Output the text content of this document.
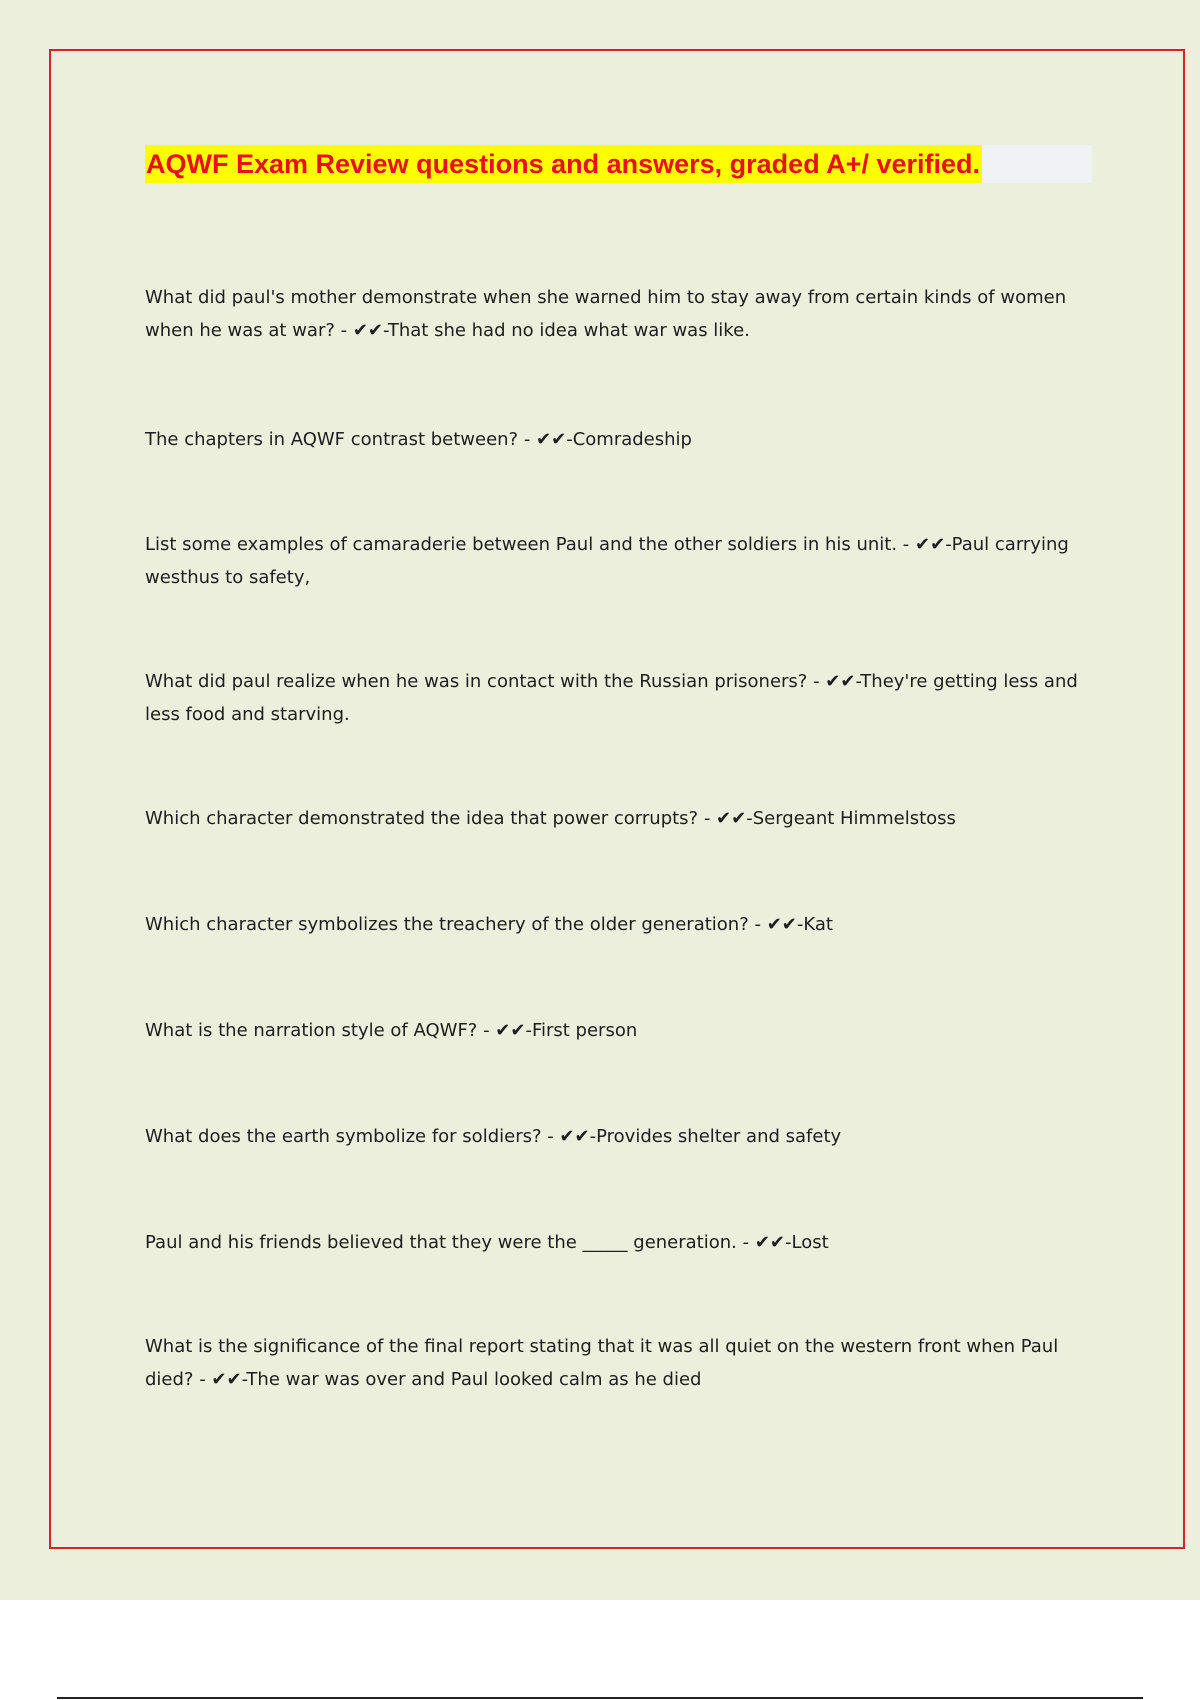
AQWF Exam Review questions and answers, graded A+/ verified.
What did paul's mother demonstrate when she warned him to stay away from certain kinds of women when he was at war? - ✔✔-That she had no idea what war was like.
The chapters in AQWF contrast between? - ✔✔-Comradeship
List some examples of camaraderie between Paul and the other soldiers in his unit. - ✔✔-Paul carrying westhus to safety,
What did paul realize when he was in contact with the Russian prisoners? - ✔✔-They're getting less and less food and starving.
Which character demonstrated the idea that power corrupts? - ✔✔-Sergeant Himmelstoss
Which character symbolizes the treachery of the older generation? - ✔✔-Kat
What is the narration style of AQWF? - ✔✔-First person
What does the earth symbolize for soldiers? - ✔✔-Provides shelter and safety
Paul and his friends believed that they were the _____ generation. - ✔✔-Lost
What is the significance of the final report stating that it was all quiet on the western front when Paul died? - ✔✔-The war was over and Paul looked calm as he died
